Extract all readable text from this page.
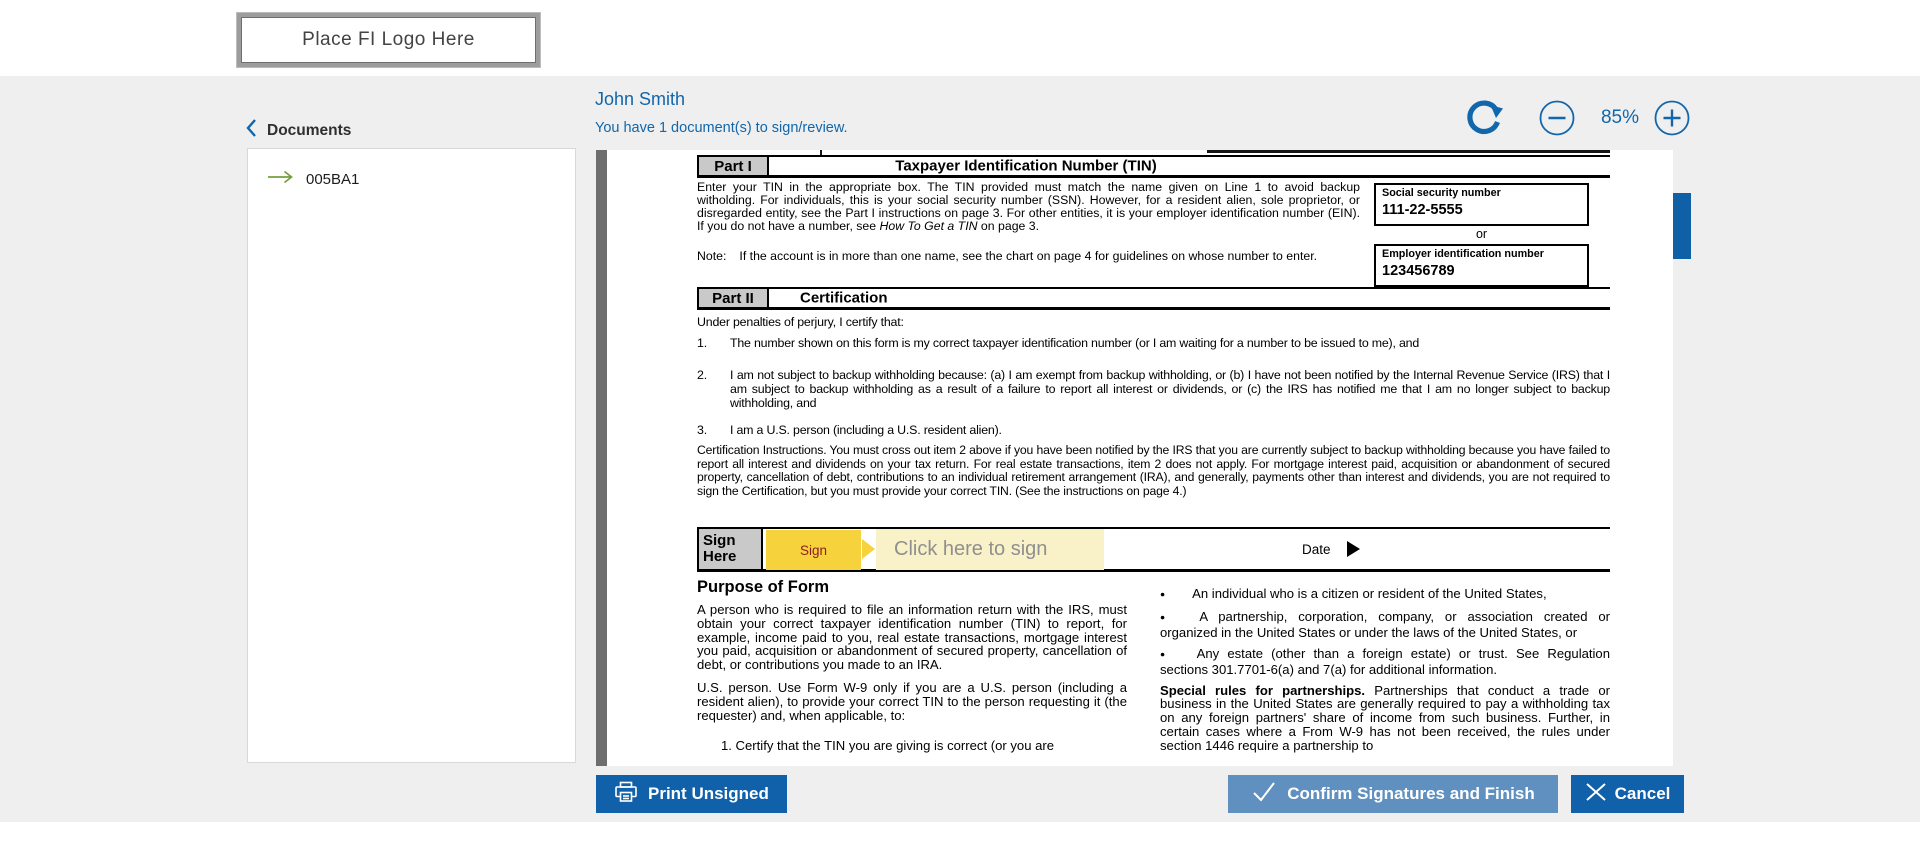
Place FI Logo Here
Documents
John Smith
You have 1 document(s) to sign/review.	85%
005BA1
Part I	Taxpayer Identification Number (TIN)
Enter your TIN in the appropriate box. The TIN provided must match the name given on Line 1 to avoid backup witholding. For individuals, this is your social security number (SSN). However, for a resident alien, sole proprietor, or disregarded entity, see the Part I instructions on page 3. For other entities, it is your employer identification number (EIN). If you do not have a number, see How To Get a TIN on page 3.
Note: If the account is in more than one name, see the chart on page 4 for guidelines on whose number to enter.
Social security number
111-22-5555
or
Employer identification number
123456789
Part II	Certification
Under penalties of perjury, I certify that:
1.	The number shown on this form is my correct taxpayer identification number (or I am waiting for a number to be issued to me), and
2.	I am not subject to backup withholding because: (a) I am exempt from backup withholding, or (b) I have not been notified by the Internal Revenue Service (IRS) that I am subject to backup withholding as a result of a failure to report all interest or dividends, or (c) the IRS has notified me that I am no longer subject to backup withholding, and
3.	I am a U.S. person (including a U.S. resident alien).
Certification Instructions. You must cross out item 2 above if you have been notified by the IRS that you are currently subject to backup withholding because you have failed to report all interest and dividends on your tax return. For real estate transactions, item 2 does not apply. For mortgage interest paid, acquisition or abandonment of secured property, cancellation of debt, contributions to an individual retirement arrangement (IRA), and generally, payments other than interest and dividends, you are not required to sign the Certification, but you must provide your correct TIN. (See the instructions on page 4.)
Sign
Here	Sign	Click here to sign	Date
Purpose of Form

A person who is required to file an information return with the IRS, must obtain your correct taxpayer identification number (TIN) to report, for example, income paid to you, real estate transactions, mortgage interest you paid, acquisition or abandonment of secured property, cancellation of debt, or contributions you made to an IRA.

U.S. person. Use Form W-9 only if you are a U.S. person (including a resident alien), to provide your correct TIN to the person requesting it (the requester) and, when applicable, to:

1. Certify that the TIN you are giving is correct (or you are

● An individual who is a citizen or resident of the United States,

● A partnership, corporation, company, or association created or organized in the United States or under the laws of the United States, or

● Any estate (other than a foreign estate) or trust. See Regulation sections 301.7701-6(a) and 7(a) for additional information.

Special rules for partnerships. Partnerships that conduct a trade or business in the United States are generally required to pay a withholding tax on any foreign partners' share of income from such business. Further, in certain cases where a From W-9 has not been received, the rules under section 1446 require a partnership to

Print Unsigned	Confirm Signatures and Finish	Cancel
